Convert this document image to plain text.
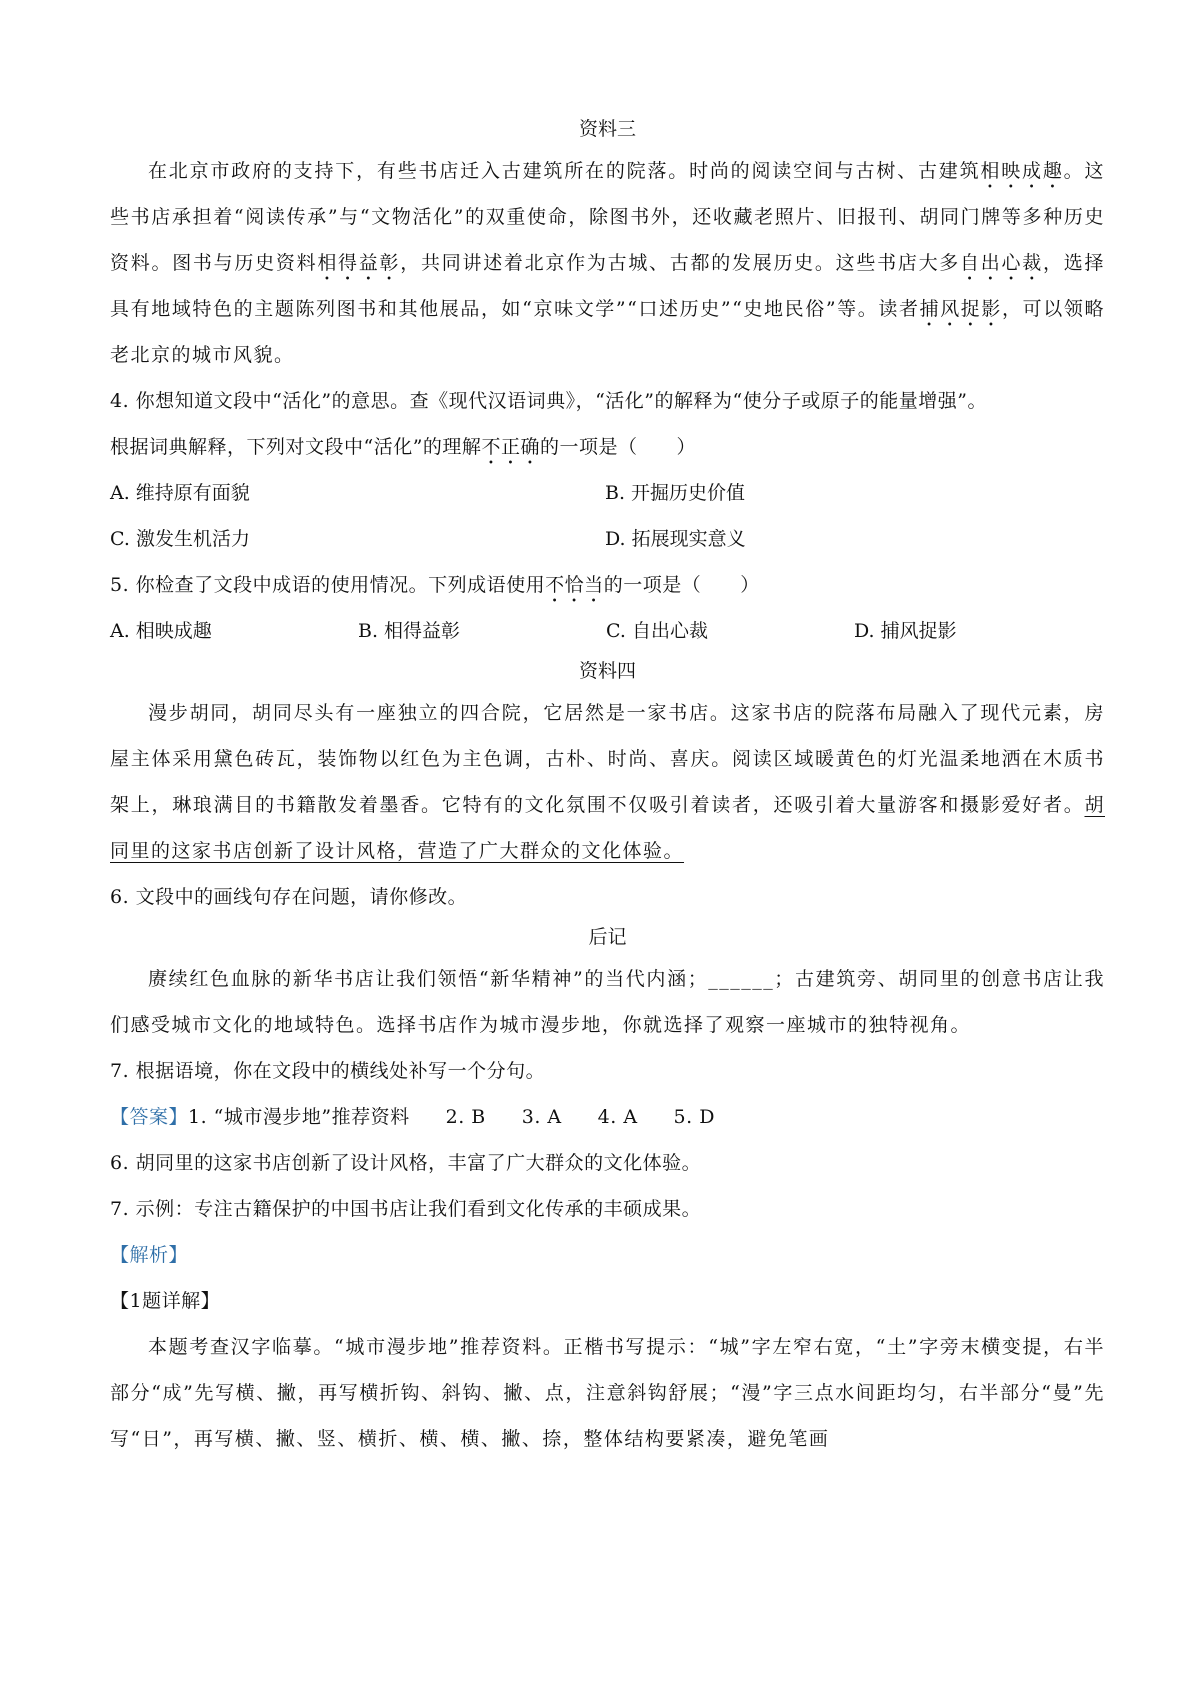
资料三
在北京市政府的支持下，有些书店迁入古建筑所在的院落。时尚的阅读空间与古树、古建筑相映成趣。这些书店承担着“阅读传承”与“文物活化”的双重使命，除图书外，还收藏老照片、旧报刊、胡同门牌等多种历史资料。图书与历史资料相得益彰，共同讲述着北京作为古城、古都的发展历史。这些书店大多自出心裁，选择具有地域特色的主题陈列图书和其他展品，如“京味文学”“口述历史”“史地民俗”等。读者捕风捉影，可以领略老北京的城市风貌。
4. 你想知道文段中“活化”的意思。查《现代汉语词典》，“活化”的解释为“使分子或原子的能量增强”。
根据词典解释，下列对文段中“活化”的理解不正确的一项是（　　）
A. 维持原有面貌	B. 开掘历史价值
C. 激发生机活力	D. 拓展现实意义
5. 你检查了文段中成语的使用情况。下列成语使用不恰当的一项是（　　）
A. 相映成趣	B. 相得益彰	C. 自出心裁	D. 捕风捉影
资料四
漫步胡同，胡同尽头有一座独立的四合院，它居然是一家书店。这家书店的院落布局融入了现代元素，房屋主体采用黛色砖瓦，装饰物以红色为主色调，古朴、时尚、喜庆。阅读区域暖黄色的灯光温柔地洒在木质书架上，琳琅满目的书籍散发着墨香。它特有的文化氛围不仅吸引着读者，还吸引着大量游客和摄影爱好者。胡同里的这家书店创新了设计风格，营造了广大群众的文化体验。
6. 文段中的画线句存在问题，请你修改。
后记
赓续红色血脉的新华书店让我们领悟“新华精神”的当代内涵；______；古建筑旁、胡同里的创意书店让我们感受城市文化的地域特色。选择书店作为城市漫步地，你就选择了观察一座城市的独特视角。
7. 根据语境，你在文段中的横线处补写一个分句。
【答案】1. “城市漫步地”推荐资料 2. B 3. A 4. A 5. D
6. 胡同里的这家书店创新了设计风格，丰富了广大群众的文化体验。
7. 示例：专注古籍保护的中国书店让我们看到文化传承的丰硕成果。
【解析】
【1题详解】
本题考查汉字临摹。“城市漫步地”推荐资料。正楷书写提示：“城”字左窄右宽，“土”字旁末横变提，右半部分“成”先写横、撇，再写横折钩、斜钩、撇、点，注意斜钩舒展；“漫”字三点水间距均匀，右半部分“曼”先写“日”，再写横、撇、竖、横折、横、横、撇、捺，整体结构要紧凑，避免笔画
